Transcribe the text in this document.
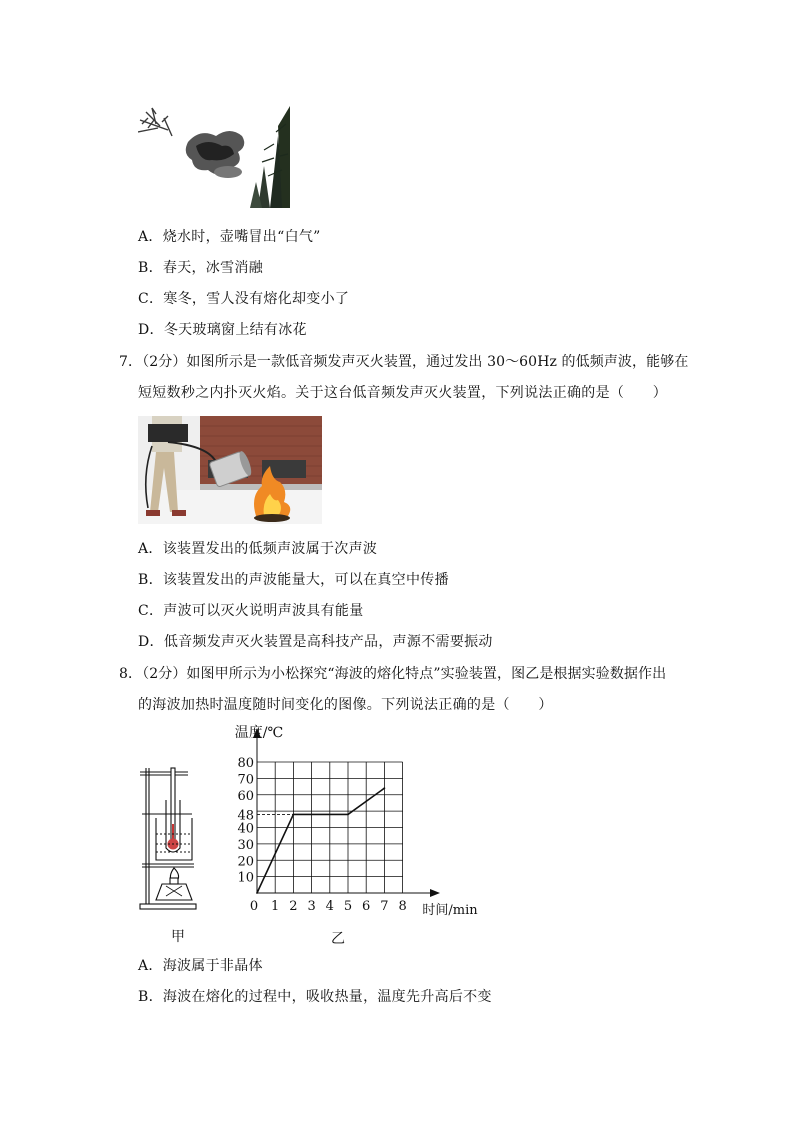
A．烧水时，壶嘴冒出“白气”
B．春天，冰雪消融
C．寒冬，雪人没有熔化却变小了
D．冬天玻璃窗上结有冰花
7．（2分）如图所示是一款低音频发声灭火装置，通过发出 30～60Hz 的低频声波，能够在
短短数秒之内扑灭火焰。关于这台低音频发声灭火装置，下列说法正确的是（　　）
A．该装置发出的低频声波属于次声波
B．该装置发出的声波能量大，可以在真空中传播
C．声波可以灭火说明声波具有能量
D．低音频发声灭火装置是高科技产品，声源不需要振动
8．（2分）如图甲所示为小松探究“海波的熔化特点”实验装置，图乙是根据实验数据作出
的海波加热时温度随时间变化的图像。下列说法正确的是（　　）
10
20
30
40
48
60
70
80
0 1 2 3 4 5 6 7 8
温度/℃
时间/min
甲	乙
A．海波属于非晶体
B．海波在熔化的过程中，吸收热量，温度先升高后不变
